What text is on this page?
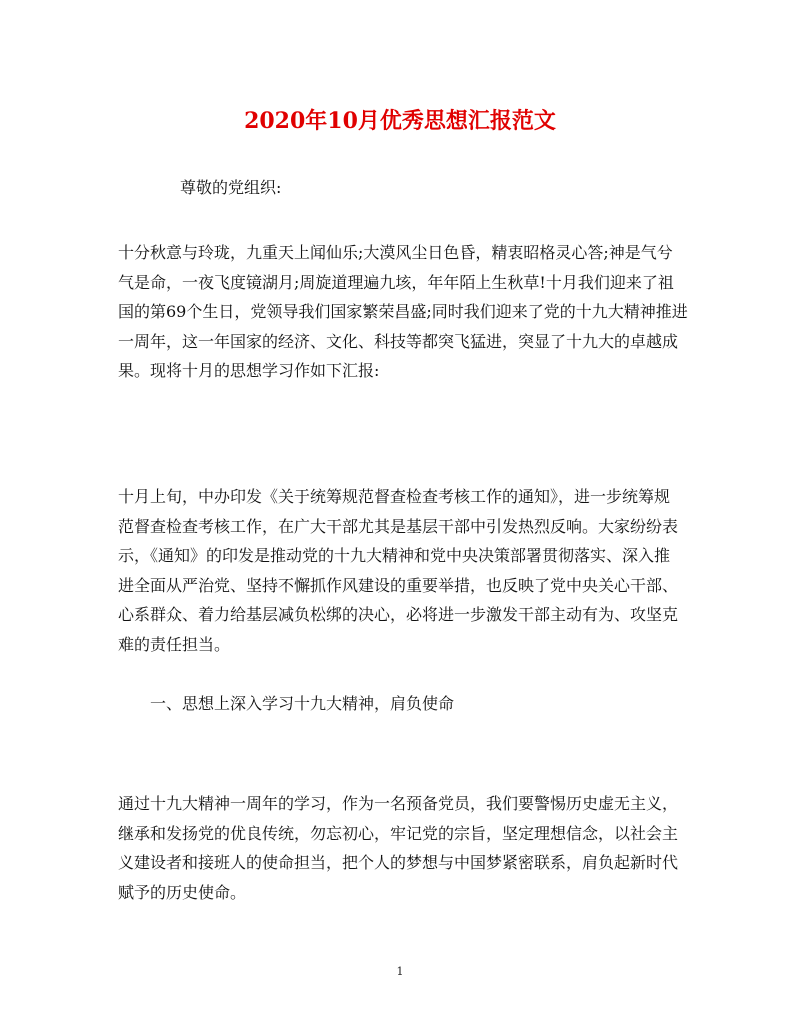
2020年10月优秀思想汇报范文
尊敬的党组织:
十分秋意与玲珑，九重天上闻仙乐;大漠风尘日色昏，精衷昭格灵心答;神是气兮
气是命，一夜飞度镜湖月;周旋道理遍九垓，年年陌上生秋草!十月我们迎来了祖
国的第69个生日，党领导我们国家繁荣昌盛;同时我们迎来了党的十九大精神推进
一周年，这一年国家的经济、文化、科技等都突飞猛进，突显了十九大的卓越成
果。现将十月的思想学习作如下汇报:
十月上旬，中办印发《关于统筹规范督查检查考核工作的通知》，进一步统筹规
范督查检查考核工作，在广大干部尤其是基层干部中引发热烈反响。大家纷纷表
示，《通知》的印发是推动党的十九大精神和党中央决策部署贯彻落实、深入推
进全面从严治党、坚持不懈抓作风建设的重要举措，也反映了党中央关心干部、
心系群众、着力给基层减负松绑的决心，必将进一步激发干部主动有为、攻坚克
难的责任担当。
一、思想上深入学习十九大精神，肩负使命
通过十九大精神一周年的学习，作为一名预备党员，我们要警惕历史虚无主义，
继承和发扬党的优良传统，勿忘初心，牢记党的宗旨，坚定理想信念，以社会主
义建设者和接班人的使命担当，把个人的梦想与中国梦紧密联系，肩负起新时代
赋予的历史使命。
1
